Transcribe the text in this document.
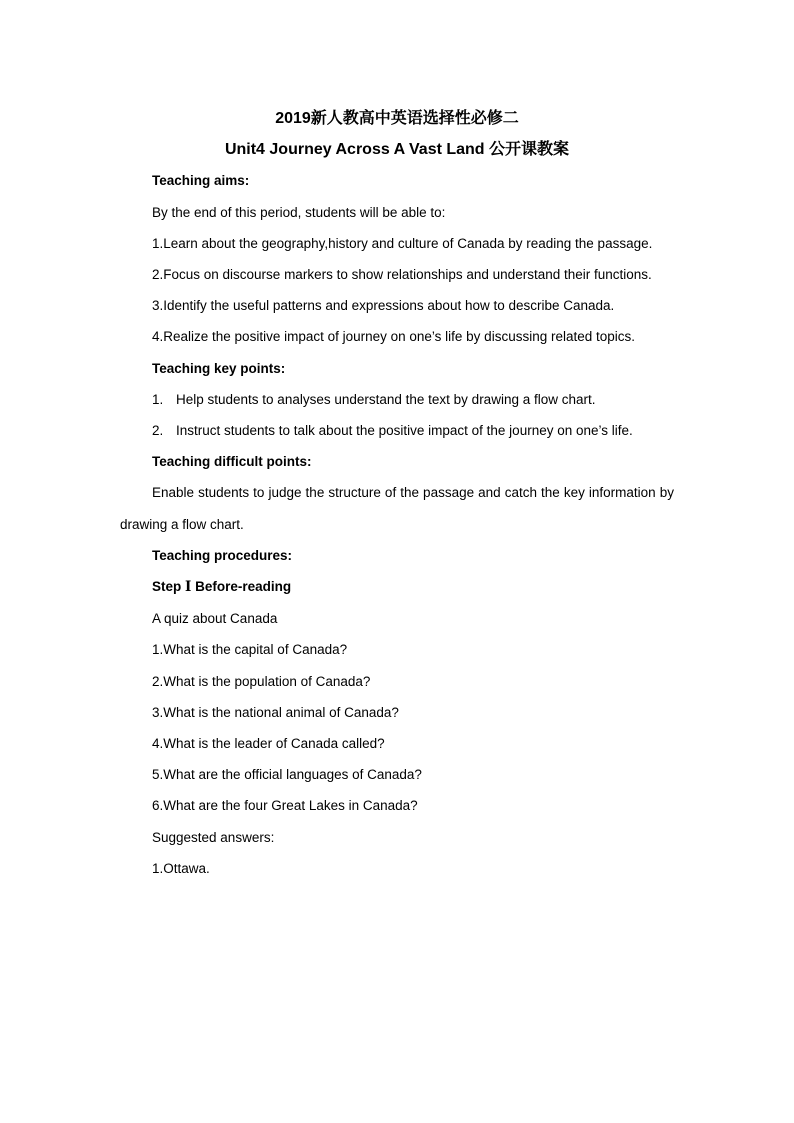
2019新人教高中英语选择性必修二

Unit4 Journey Across A Vast Land 公开课教案

Teaching aims:

By the end of this period, students will be able to:

1.Learn about the geography,history and culture of Canada by reading the passage.

2.Focus on discourse markers to show relationships and understand their functions.

3.Identify the useful patterns and expressions about how to describe Canada.

4.Realize the positive impact of journey on one’s life by discussing related topics.

Teaching key points:

1. Help students to analyses understand the text by drawing a flow chart.

2. Instruct students to talk about the positive impact of the journey on one’s life.

Teaching difficult points:

Enable students to judge the structure of the passage and catch the key information by drawing a flow chart.

Teaching procedures:

Step Ⅰ Before-reading

A quiz about Canada

1.What is the capital of Canada?

2.What is the population of Canada?

3.What is the national animal of Canada?

4.What is the leader of Canada called?

5.What are the official languages of Canada?

6.What are the four Great Lakes in Canada?

Suggested answers:

1.Ottawa.
